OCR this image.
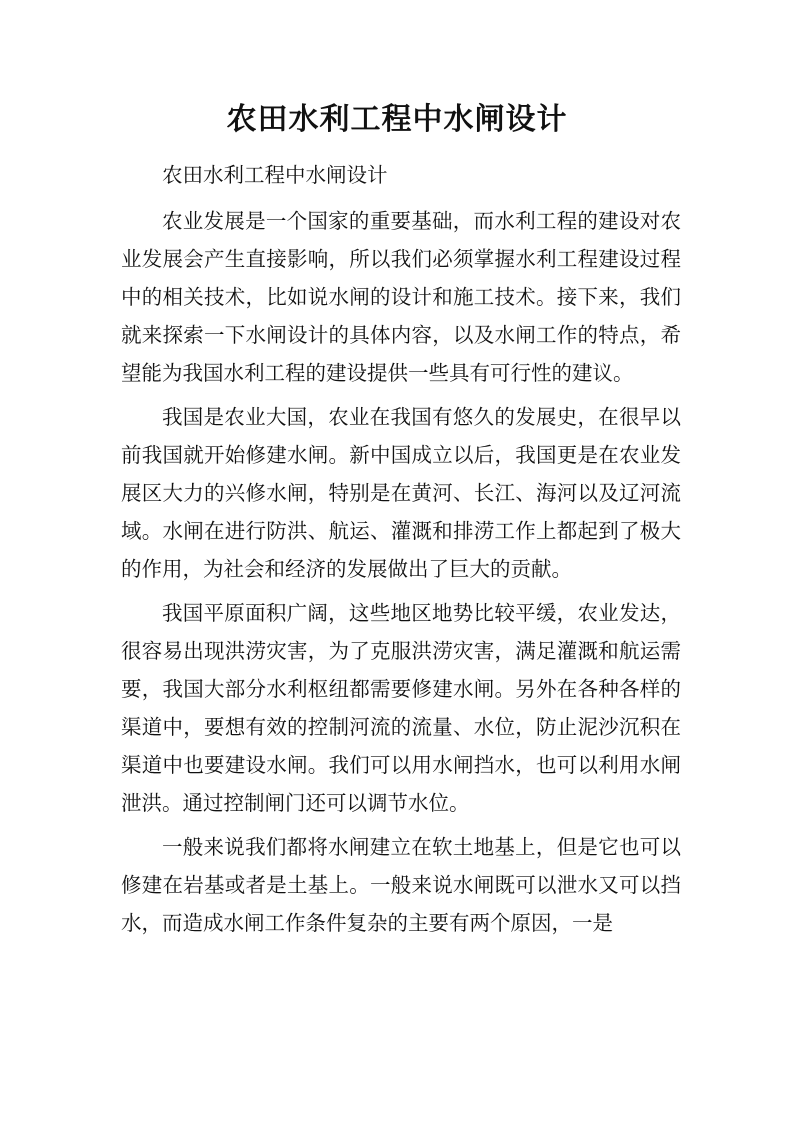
农田水利工程中水闸设计

农田水利工程中水闸设计

农业发展是一个国家的重要基础，而水利工程的建设对农业发展会产生直接影响，所以我们必须掌握水利工程建设过程中的相关技术，比如说水闸的设计和施工技术。接下来，我们就来探索一下水闸设计的具体内容，以及水闸工作的特点，希望能为我国水利工程的建设提供一些具有可行性的建议。

我国是农业大国，农业在我国有悠久的发展史，在很早以前我国就开始修建水闸。新中国成立以后，我国更是在农业发展区大力的兴修水闸，特别是在黄河、长江、海河以及辽河流域。水闸在进行防洪、航运、灌溉和排涝工作上都起到了极大的作用，为社会和经济的发展做出了巨大的贡献。

我国平原面积广阔，这些地区地势比较平缓，农业发达，很容易出现洪涝灾害，为了克服洪涝灾害，满足灌溉和航运需要，我国大部分水利枢纽都需要修建水闸。另外在各种各样的渠道中，要想有效的控制河流的流量、水位，防止泥沙沉积在渠道中也要建设水闸。我们可以用水闸挡水，也可以利用水闸泄洪。通过控制闸门还可以调节水位。

一般来说我们都将水闸建立在软土地基上，但是它也可以修建在岩基或者是土基上。一般来说水闸既可以泄水又可以挡水，而造成水闸工作条件复杂的主要有两个原因，一是
